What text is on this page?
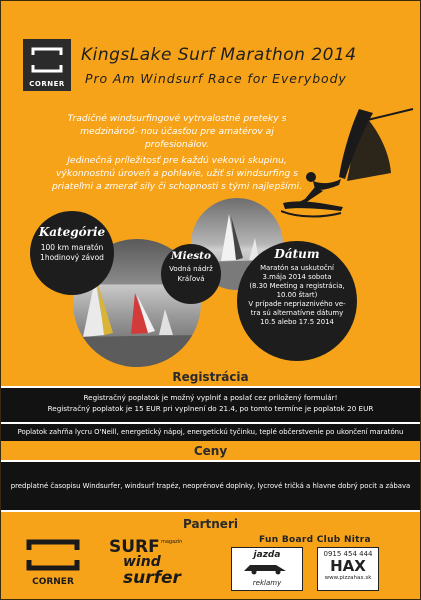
CORNER
KingsLake Surf Marathon 2014
Pro Am Windsurf Race for Everybody
Tradičné windsurfingové vytrvalostné preteky s medzinárod- nou účasťou pre amatérov aj profesionálov.
Jedinečná príležitosť pre každú vekovú skupinu, výkonnostnú úroveň a pohlavie, užiť si windsurfing s priateľmi a zmerať sily či schopnosti s tými najlepšími.
Kategórie
100 km maratón
1hodinový závod	Miesto
Vodná nádrž
Kráľová
Dátum
Maratón sa uskutoční
3.mája 2014 sobota
(8.30 Meeting a registrácia,
10.00 štart)
V prípade nepriaznivého ve-
tra sú alternatívne dátumy
10.5 alebo 17.5 2014
Registrácia
Registračný poplatok je možný vyplniť a poslať cez priložený formulár!
Registračný poplatok je 15 EUR pri vyplnení do 21.4, po tomto termíne je poplatok 20 EUR
Poplatok zahŕňa lycru O'Neill, energetický nápoj, energetickú tyčinku, teplé občerstvenie po ukončení maratónu
Ceny
predplatné časopisu Windsurfer, windsurf trapéz, neoprénové doplnky, lycrové tričká a hlavne dobrý pocit a zábava
Partneri
Fun Board Club Nitra
CORNER
SURF magazín
wind
surfer
jazda
reklamy
0915 454 444
HAX
www.pizzahax.sk
